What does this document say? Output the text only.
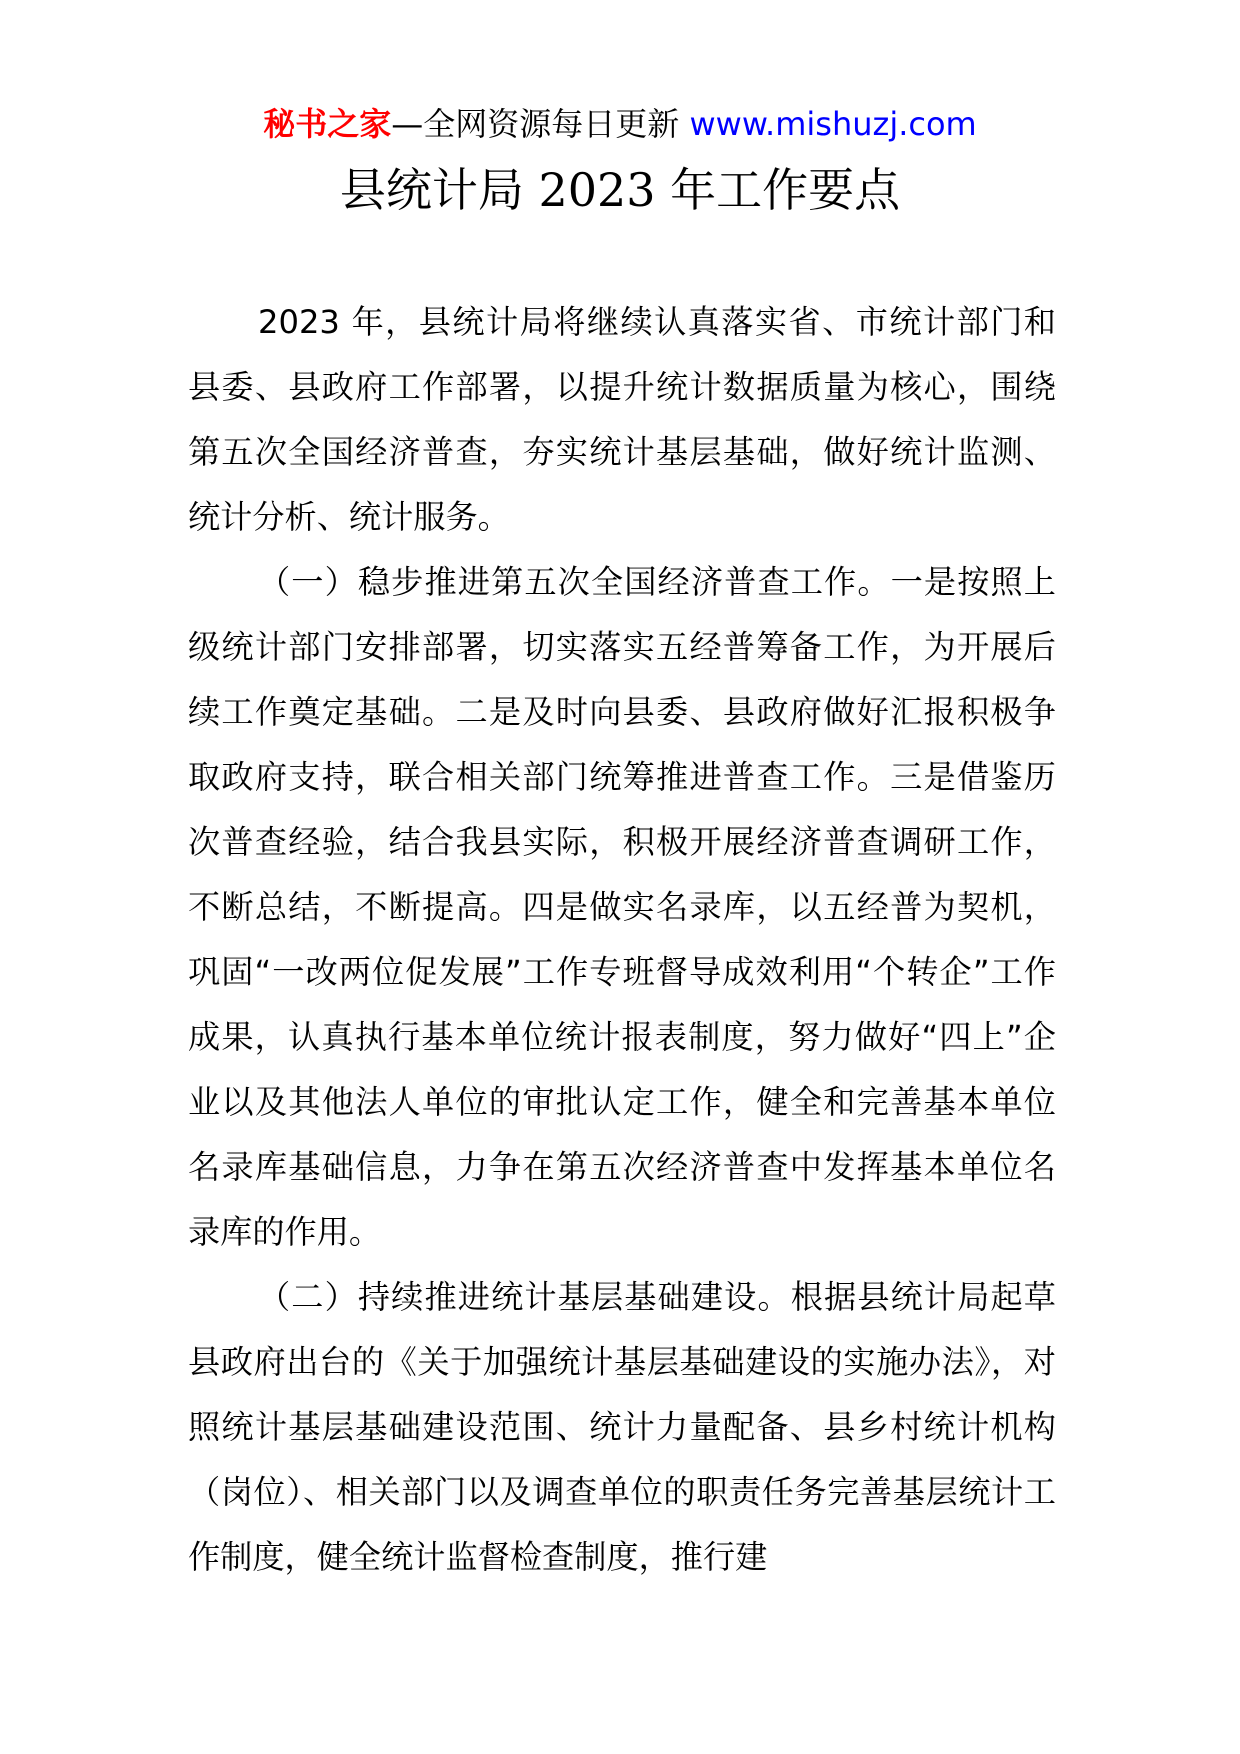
秘书之家—全网资源每日更新 www.mishuzj.com
县统计局 2023 年工作要点

2023 年，县统计局将继续认真落实省、市统计部门和县委、县政府工作部署，以提升统计数据质量为核心，围绕第五次全国经济普查，夯实统计基层基础，做好统计监测、统计分析、统计服务。

（一）稳步推进第五次全国经济普查工作。一是按照上级统计部门安排部署，切实落实五经普筹备工作，为开展后续工作奠定基础。二是及时向县委、县政府做好汇报积极争取政府支持，联合相关部门统筹推进普查工作。三是借鉴历次普查经验，结合我县实际，积极开展经济普查调研工作，不断总结，不断提高。四是做实名录库，以五经普为契机，巩固“一改两位促发展”工作专班督导成效利用“个转企”工作成果，认真执行基本单位统计报表制度，努力做好“四上”企业以及其他法人单位的审批认定工作，健全和完善基本单位名录库基础信息，力争在第五次经济普查中发挥基本单位名录库的作用。

（二）持续推进统计基层基础建设。根据县统计局起草县政府出台的《关于加强统计基层基础建设的实施办法》，对照统计基层基础建设范围、统计力量配备、县乡村统计机构（岗位）、相关部门以及调查单位的职责任务完善基层统计工作制度，健全统计监督检查制度，推行建
